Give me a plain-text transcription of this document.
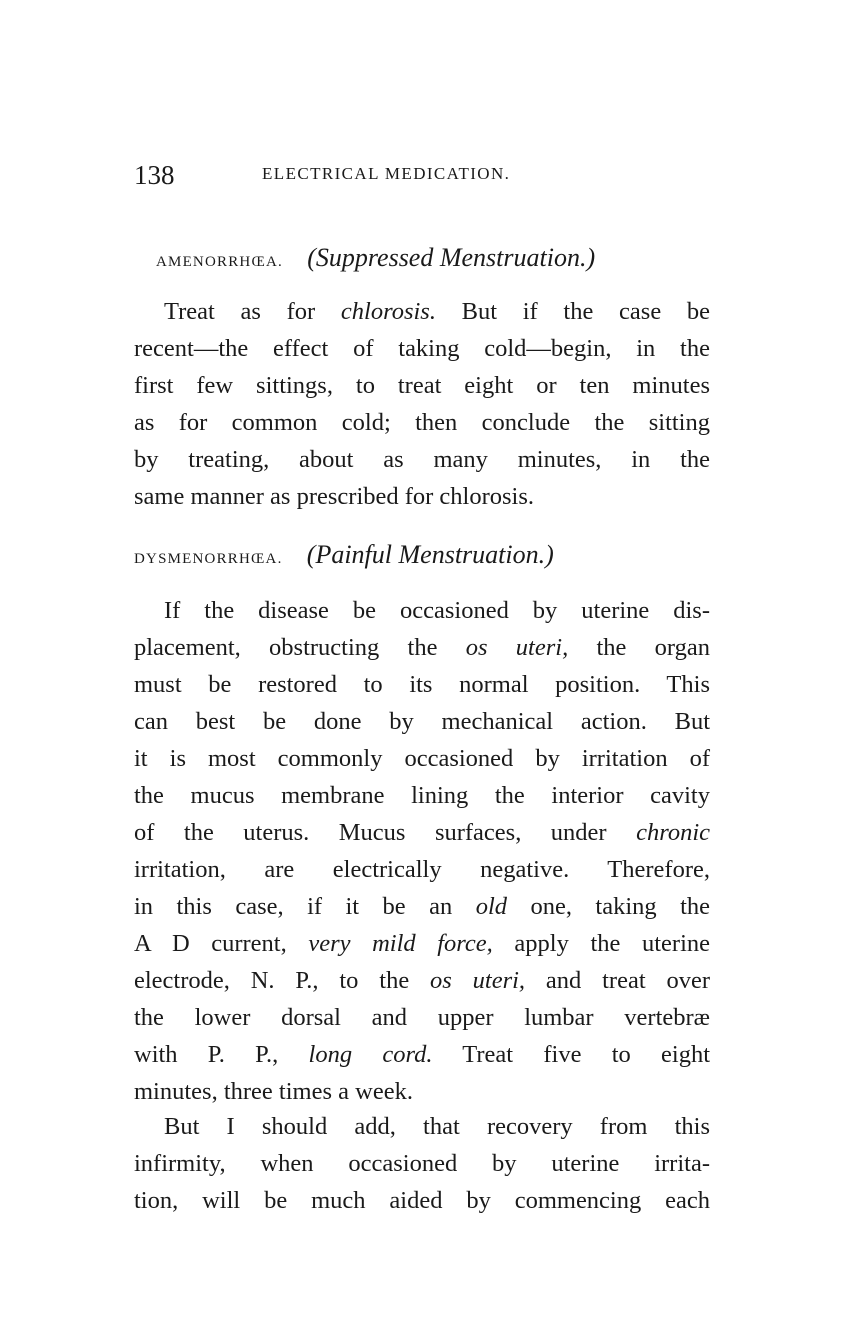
138	ELECTRICAL MEDICATION.
AMENORRHŒA. (Suppressed Menstruation.)
Treat as for chlorosis. But if the case be
recent—the effect of taking cold—begin, in the
first few sittings, to treat eight or ten minutes
as for common cold; then conclude the sitting
by treating, about as many minutes, in the
same manner as prescribed for chlorosis.
DYSMENORRHŒA. (Painful Menstruation.)
If the disease be occasioned by uterine dis-
placement, obstructing the os uteri, the organ
must be restored to its normal position. This
can best be done by mechanical action. But
it is most commonly occasioned by irritation of
the mucus membrane lining the interior cavity
of the uterus. Mucus surfaces, under chronic
irritation, are electrically negative. Therefore,
in this case, if it be an old one, taking the
A D current, very mild force, apply the uterine
electrode, N. P., to the os uteri, and treat over
the lower dorsal and upper lumbar vertebræ
with P. P., long cord. Treat five to eight
minutes, three times a week.
But I should add, that recovery from this
infirmity, when occasioned by uterine irrita-
tion, will be much aided by commencing each
